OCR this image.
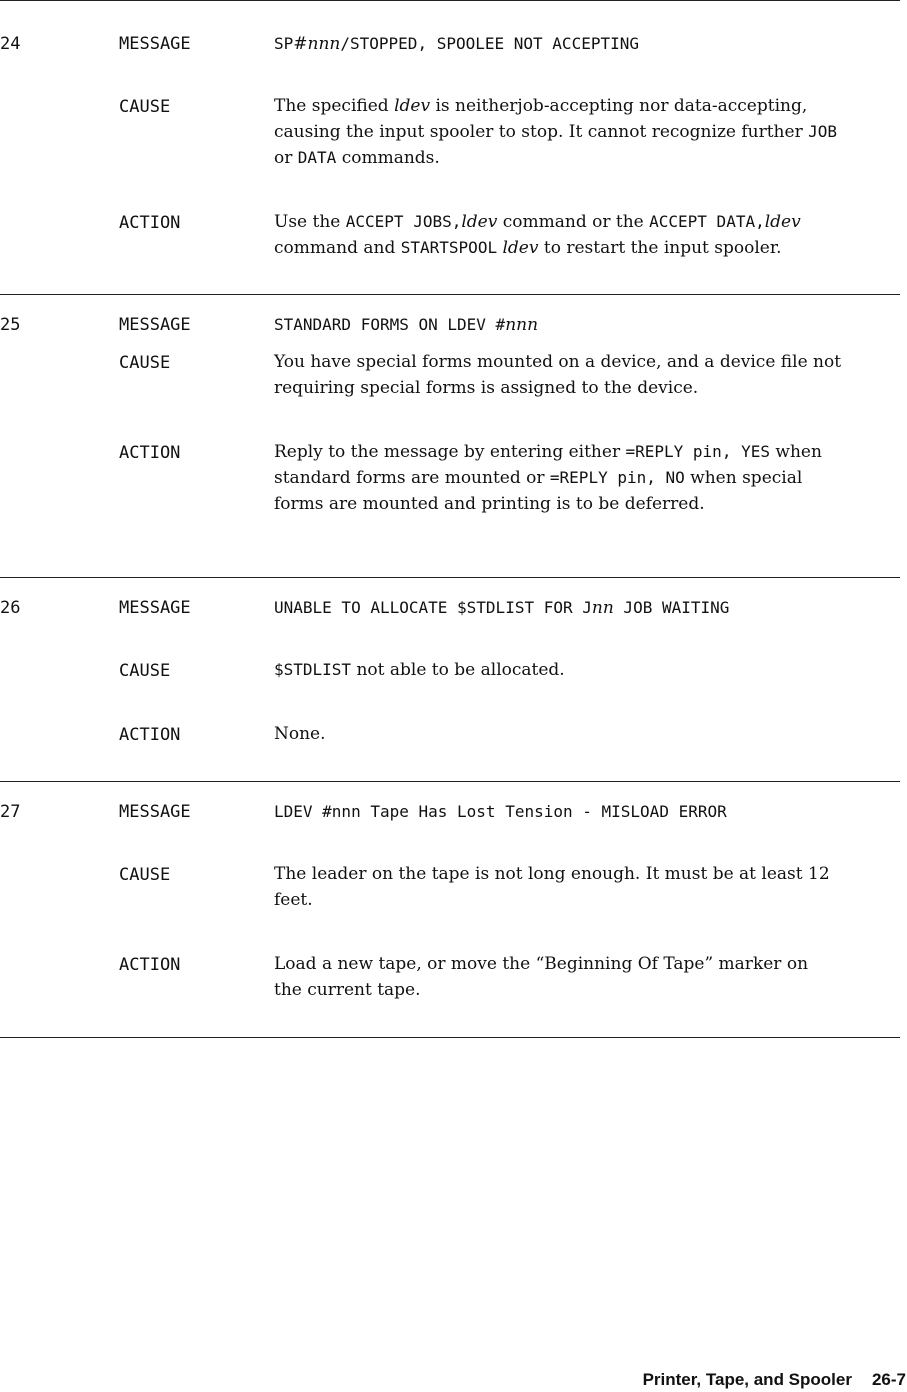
24	MESSAGE	SP#nnn/STOPPED, SPOOLEE NOT ACCEPTING
CAUSE	The specified ldev is neitherjob-accepting nor data-accepting,
causing the input spooler to stop. It cannot recognize further JOB
or DATA commands.
ACTION	Use the ACCEPT JOBS,ldev command or the ACCEPT DATA,ldev
command and STARTSPOOL ldev to restart the input spooler.
25	MESSAGE	STANDARD FORMS ON LDEV #nnn
CAUSE	You have special forms mounted on a device, and a device file not
requiring special forms is assigned to the device.
ACTION	Reply to the message by entering either =REPLY pin, YES when
standard forms are mounted or =REPLY pin, NO when special
forms are mounted and printing is to be deferred.
26	MESSAGE	UNABLE TO ALLOCATE $STDLIST FOR Jnn JOB WAITING
CAUSE	$STDLIST not able to be allocated.
ACTION	None.
27	MESSAGE	LDEV #nnn Tape Has Lost Tension - MISLOAD ERROR
CAUSE	The leader on the tape is not long enough. It must be at least 12
feet.
ACTION	Load a new tape, or move the “Beginning Of Tape” marker on
the current tape.
Printer, Tape, and Spooler 26-7
